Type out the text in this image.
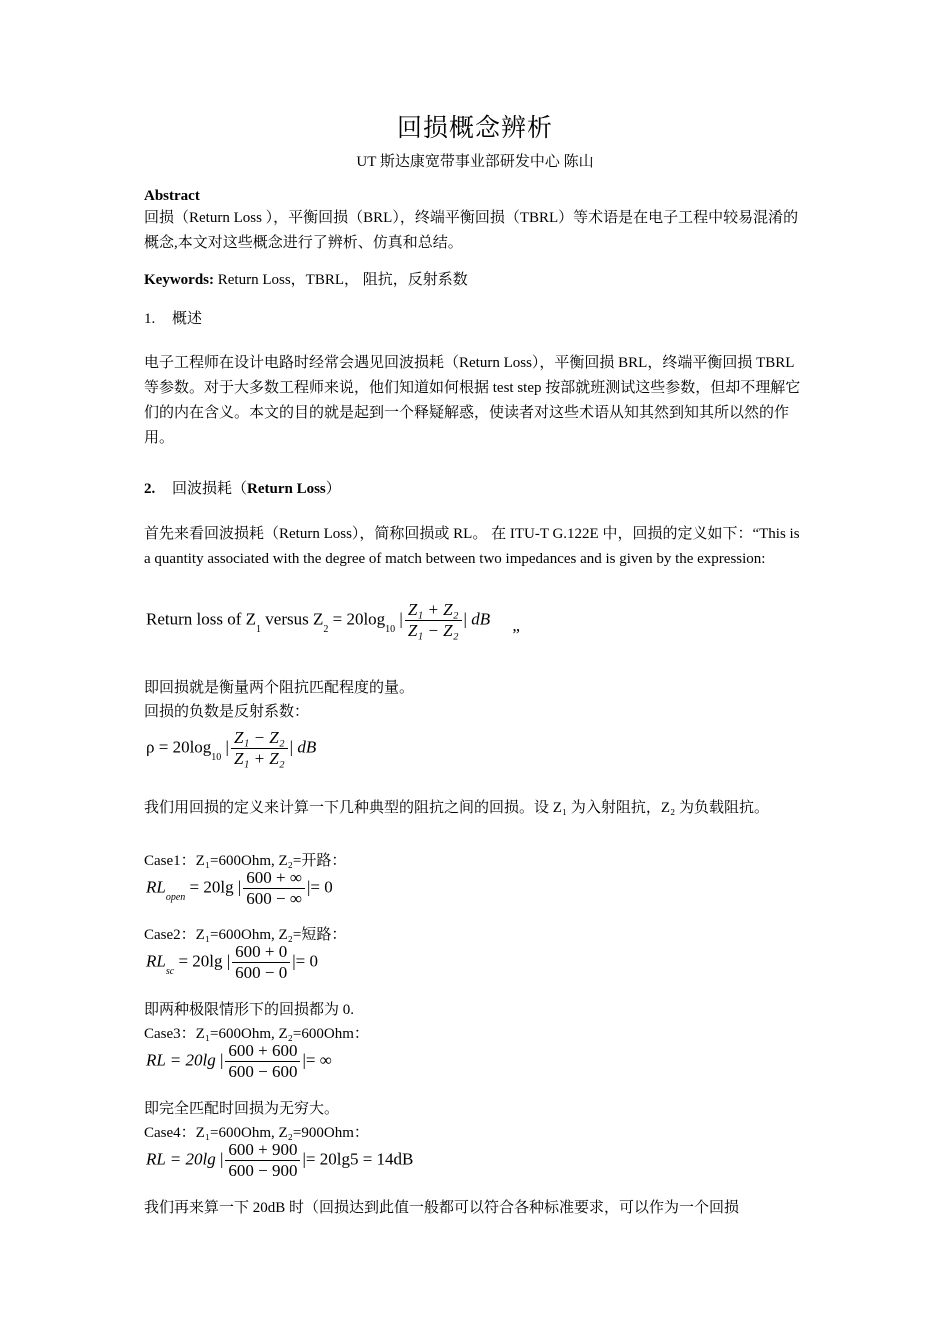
回损概念辨析
UT 斯达康宽带事业部研发中心 陈山
Abstract
回损（Return Loss ），平衡回损（BRL），终端平衡回损（TBRL）等术语是在电子工程中较易混淆的概念,本文对这些概念进行了辨析、仿真和总结。
Keywords: Return Loss，TBRL， 阻抗，反射系数
1. 概述
电子工程师在设计电路时经常会遇见回波损耗（Return Loss），平衡回损 BRL，终端平衡回损 TBRL 等参数。对于大多数工程师来说，他们知道如何根据 test step 按部就班测试这些参数，但却不理解它们的内在含义。本文的目的就是起到一个释疑解惑，使读者对这些术语从知其然到知其所以然的作用。
2. 回波损耗（Return Loss）
首先来看回波损耗（Return Loss），简称回损或 RL。 在 ITU-T G.122E 中，回损的定义如下：“This is a quantity associated with the degree of match between two impedances and is given by the expression:
Return loss of $Z_1$ versus $Z_2 = 20\log_{10}$ | $\frac{\text{Z₁ + Z₂}}{\text{Z₁ − Z₂}}$ | dB ”
即回损就是衡量两个阻抗匹配程度的量。
回损的负数是反射系数：
$\rho = 20\log_{10}$ | $\frac{\text{Z₁ − Z₂}}{\text{Z₁ + Z₂}}$ | dB
我们用回损的定义来计算一下几种典型的阻抗之间的回损。设 Z₁ 为入射阻抗，Z₂ 为负载阻抗。
Case1：Z₁=600Ohm, Z₂=开路：
$RL_{open} = 20\lg$ | $\frac{600 + \infty}{600 - \infty}$ |= 0
Case2：Z₁=600Ohm, Z₂=短路：
$RL_{sc} = 20\lg$ | $\frac{600 + 0}{600 - 0}$ |= 0
即两种极限情形下的回损都为 0.
Case3：Z₁=600Ohm, Z₂=600Ohm：
RL = 20lg | $\frac{600 + 600}{600 - 600}$ |= ∞
即完全匹配时回损为无穷大。
Case4：Z₁=600Ohm, Z₂=900Ohm：
RL = 20lg | $\frac{600 + 900}{600 - 900}$ |= 20lg5 = 14dB
我们再来算一下 20dB 时（回损达到此值一般都可以符合各种标准要求，可以作为一个回损
